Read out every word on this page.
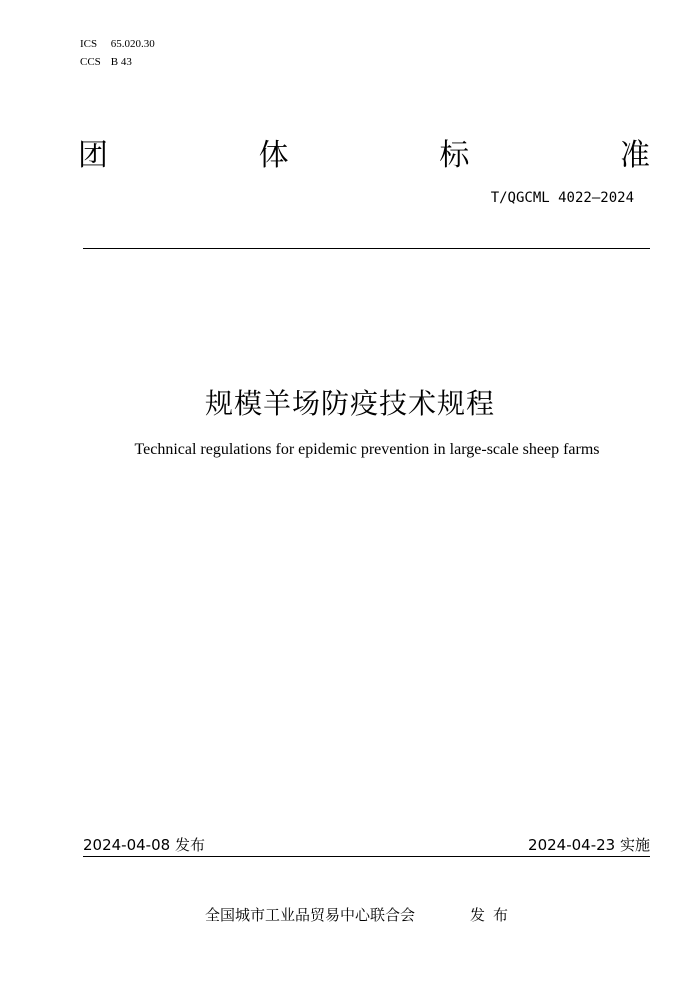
ICS 65.020.30
CCS B 43
团	体	标	准
T/QGCML 4022—2024
规模羊场防疫技术规程
Technical regulations for epidemic prevention in large-scale sheep farms
2024-04-08 发布	2024-04-23 实施
全国城市工业品贸易中心联合会	发布
